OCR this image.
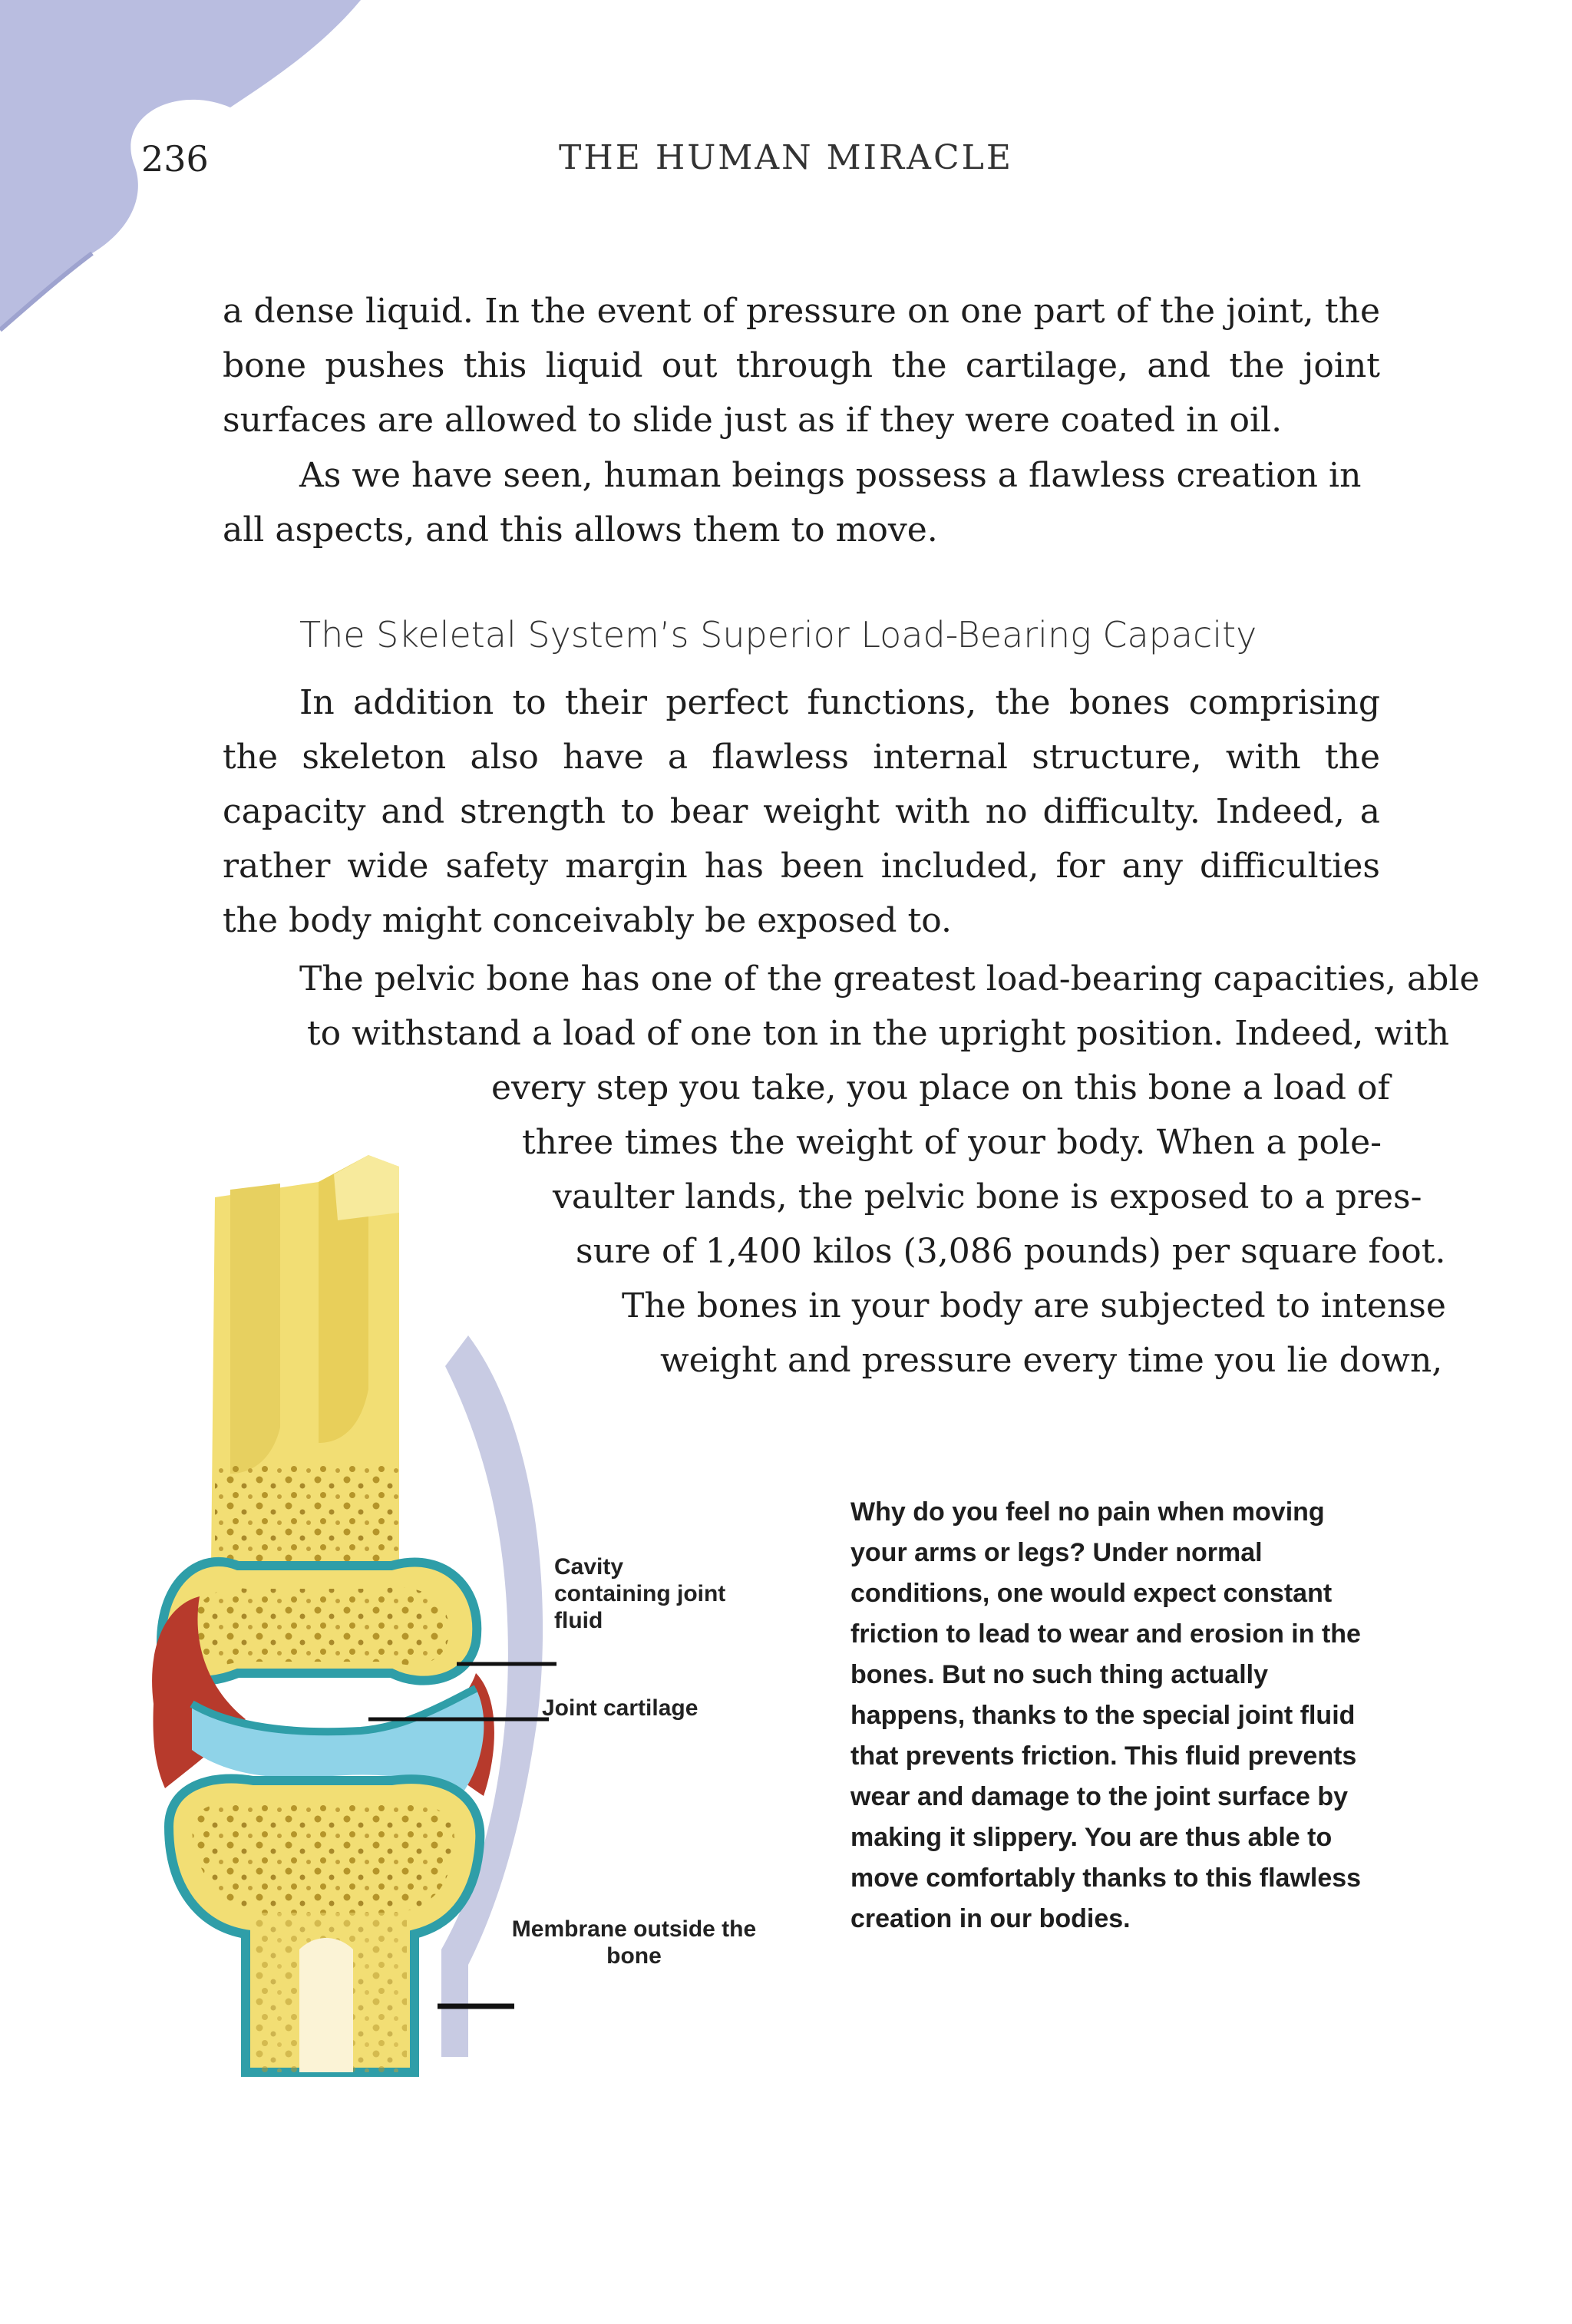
236	THE HUMAN MIRACLE

a dense liquid. In the event of pressure on one part of the joint, the bone pushes this liquid out through the cartilage, and the joint surfaces are allowed to slide just as if they were coated in oil.

As we have seen, human beings possess a flawless creation in all aspects, and this allows them to move.

The Skeletal System’s Superior Load-Bearing Capacity

In addition to their perfect functions, the bones comprising the skeleton also have a flawless internal structure, with the capacity and strength to bear weight with no difficulty. Indeed, a rather wide safety margin has been included, for any difficulties the body might conceivably be exposed to.

The pelvic bone has one of the greatest load-bearing capacities, able
to withstand a load of one ton in the upright position. Indeed, with
every step you take, you place on this bone a load of
three times the weight of your body. When a pole-
vaulter lands, the pelvic bone is exposed to a pres-
sure of 1,400 kilos (3,086 pounds) per square foot.
The bones in your body are subjected to intense
weight and pressure every time you lie down,

Cavity containing joint fluid

Joint cartilage

Membrane outside the bone

Why do you feel no pain when moving your arms or legs? Under normal conditions, one would expect constant friction to lead to wear and erosion in the bones. But no such thing actually happens, thanks to the special joint fluid that prevents friction. This fluid prevents wear and damage to the joint surface by making it slippery. You are thus able to move comfortably thanks to this flawless creation in our bodies.
